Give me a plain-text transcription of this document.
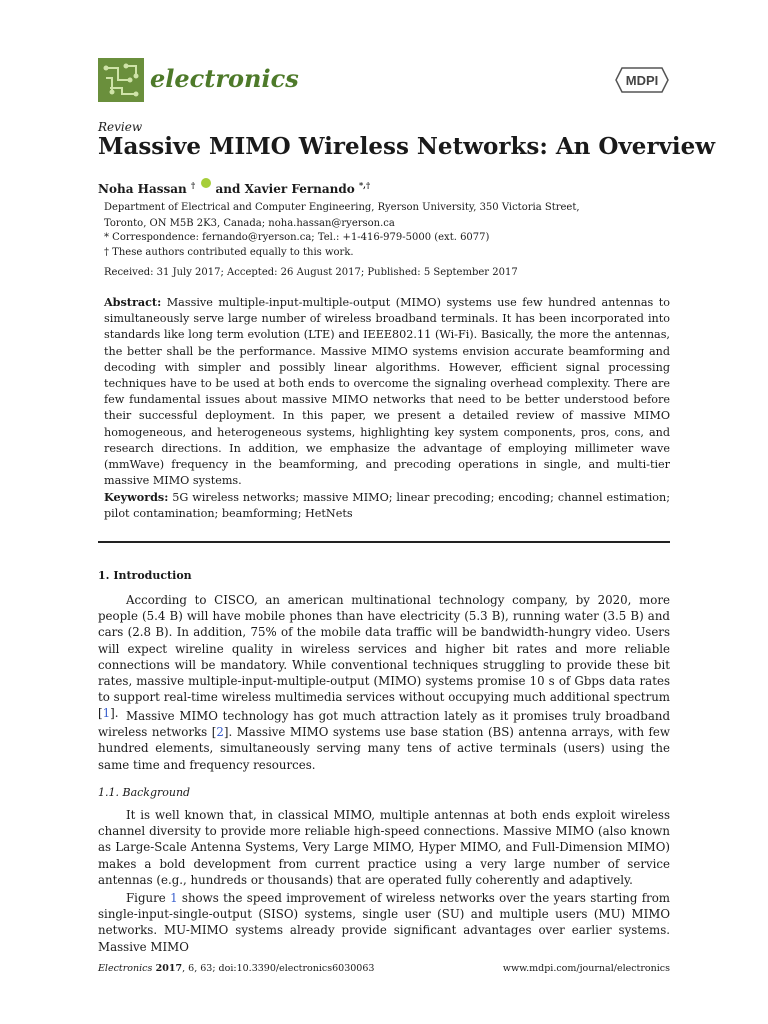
electronics	MDPI
Review
Massive MIMO Wireless Networks: An Overview
Noha Hassan †  and Xavier Fernando *,†
Department of Electrical and Computer Engineering, Ryerson University, 350 Victoria Street,
Toronto, ON M5B 2K3, Canada; noha.hassan@ryerson.ca
* Correspondence: fernando@ryerson.ca; Tel.: +1-416-979-5000 (ext. 6077)
† These authors contributed equally to this work.
Received: 31 July 2017; Accepted: 26 August 2017; Published: 5 September 2017
Abstract: Massive multiple-input-multiple-output (MIMO) systems use few hundred antennas to simultaneously serve large number of wireless broadband terminals. It has been incorporated into standards like long term evolution (LTE) and IEEE802.11 (Wi-Fi). Basically, the more the antennas, the better shall be the performance. Massive MIMO systems envision accurate beamforming and decoding with simpler and possibly linear algorithms. However, efficient signal processing techniques have to be used at both ends to overcome the signaling overhead complexity. There are few fundamental issues about massive MIMO networks that need to be better understood before their successful deployment. In this paper, we present a detailed review of massive MIMO homogeneous, and heterogeneous systems, highlighting key system components, pros, cons, and research directions. In addition, we emphasize the advantage of employing millimeter wave (mmWave) frequency in the beamforming, and precoding operations in single, and multi-tier massive MIMO systems.
Keywords: 5G wireless networks; massive MIMO; linear precoding; encoding; channel estimation; pilot contamination; beamforming; HetNets
1. Introduction
According to CISCO, an american multinational technology company, by 2020, more people (5.4 B) will have mobile phones than have electricity (5.3 B), running water (3.5 B) and cars (2.8 B). In addition, 75% of the mobile data traffic will be bandwidth-hungry video. Users will expect wireline quality in wireless services and higher bit rates and more reliable connections will be mandatory. While conventional techniques struggling to provide these bit rates, massive multiple-input-multiple-output (MIMO) systems promise 10 s of Gbps data rates to support real-time wireless multimedia services without occupying much additional spectrum [1]. Massive MIMO technology has got much attraction lately as it promises truly broadband wireless networks [2]. Massive MIMO systems use base station (BS) antenna arrays, with few hundred elements, simultaneously serving many tens of active terminals (users) using the same time and frequency resources.
1.1. Background
It is well known that, in classical MIMO, multiple antennas at both ends exploit wireless channel diversity to provide more reliable high-speed connections. Massive MIMO (also known as Large-Scale Antenna Systems, Very Large MIMO, Hyper MIMO, and Full-Dimension MIMO) makes a bold development from current practice using a very large number of service antennas (e.g., hundreds or thousands) that are operated fully coherently and adaptively.
Figure 1 shows the speed improvement of wireless networks over the years starting from single-input-single-output (SISO) systems, single user (SU) and multiple users (MU) MIMO networks. MU-MIMO systems already provide significant advantages over earlier systems. Massive MIMO
Electronics 2017, 6, 63; doi:10.3390/electronics6030063	www.mdpi.com/journal/electronics
